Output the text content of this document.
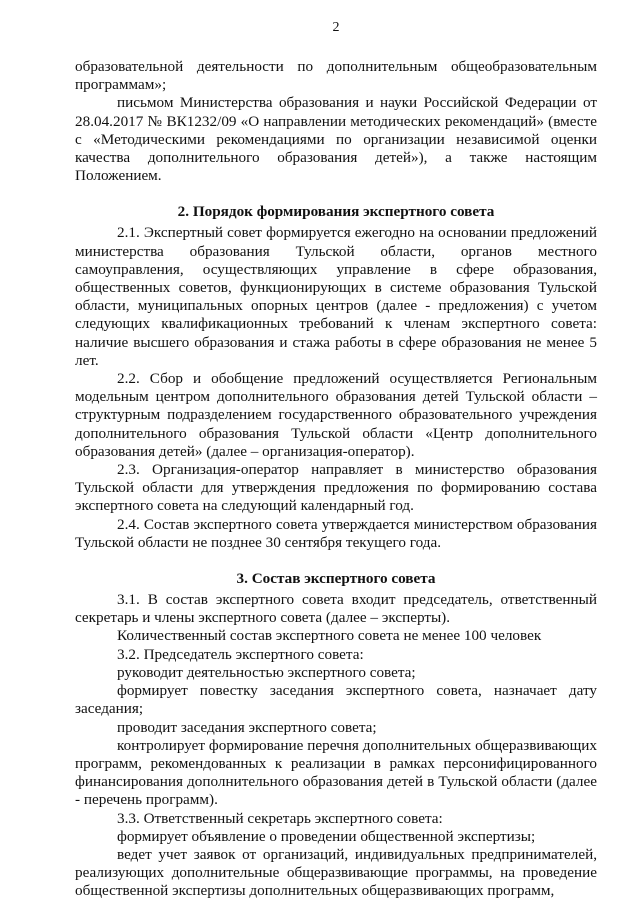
2

образовательной деятельности по дополнительным общеобразовательным программам»;

письмом Министерства образования и науки Российской Федерации от 28.04.2017 № ВК1232/09 «О направлении методических рекомендаций» (вместе с «Методическими рекомендациями по организации независимой оценки качества дополнительного образования детей»), а также настоящим Положением.

2. Порядок формирования экспертного совета

2.1. Экспертный совет формируется ежегодно на основании предложений министерства образования Тульской области, органов местного самоуправления, осуществляющих управление в сфере образования, общественных советов, функционирующих в системе образования Тульской области, муниципальных опорных центров (далее - предложения) с учетом следующих квалификационных требований к членам экспертного совета: наличие высшего образования и стажа работы в сфере образования не менее 5 лет.

2.2. Сбор и обобщение предложений осуществляется Региональным модельным центром дополнительного образования детей Тульской области – структурным подразделением государственного образовательного учреждения дополнительного образования Тульской области «Центр дополнительного образования детей» (далее – организация-оператор).

2.3. Организация-оператор направляет в министерство образования Тульской области для утверждения предложения по формированию состава экспертного совета на следующий календарный год.

2.4. Состав экспертного совета утверждается министерством образования Тульской области не позднее 30 сентября текущего года.

3. Состав экспертного совета

3.1. В состав экспертного совета входит председатель, ответственный секретарь и члены экспертного совета (далее – эксперты).

Количественный состав экспертного совета не менее 100 человек

3.2. Председатель экспертного совета:

руководит деятельностью экспертного совета;

формирует повестку заседания экспертного совета, назначает дату заседания;

проводит заседания экспертного совета;

контролирует формирование перечня дополнительных общеразвивающих программ, рекомендованных к реализации в рамках персонифицированного финансирования дополнительного образования детей в Тульской области (далее - перечень программ).

3.3. Ответственный секретарь экспертного совета:

формирует объявление о проведении общественной экспертизы;

ведет учет заявок от организаций, индивидуальных предпринимателей, реализующих дополнительные общеразвивающие программы, на проведение общественной экспертизы дополнительных общеразвивающих программ,
